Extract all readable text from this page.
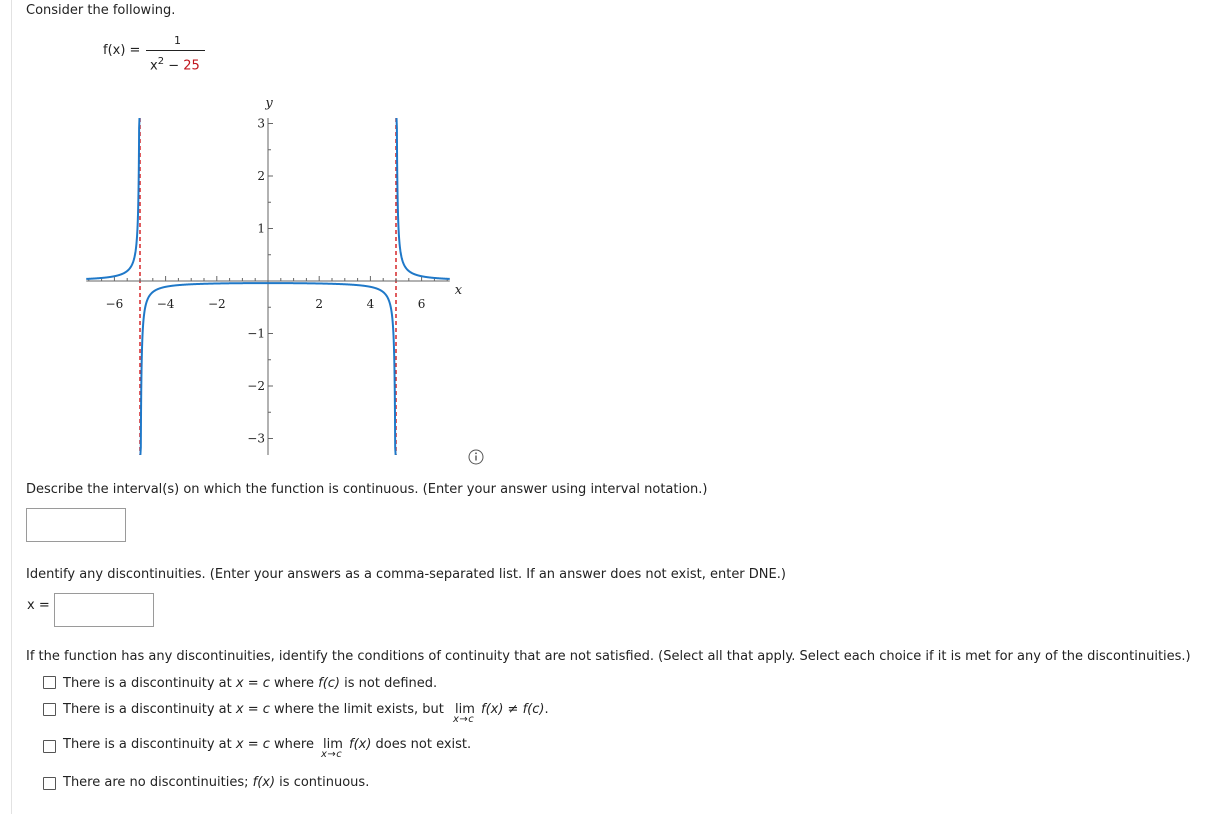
Consider the following.
f(x) =
1
$x^2 - 25$
−6	−4	−2	2	4	6
−3
−2
−1
1
2
3
x
y
Describe the interval(s) on which the function is continuous. (Enter your answer using interval notation.)
Identify any discontinuities. (Enter your answers as a comma-separated list. If an answer does not exist, enter DNE.)
x =
If the function has any discontinuities, identify the conditions of continuity that are not satisfied. (Select all that apply. Select each choice if it is met for any of the discontinuities.)
There is a discontinuity at x = c where f(c) is not defined.
There is a discontinuity at x = c where the limit exists, but lim
x→c
f(x) ≠ f(c).
There is a discontinuity at x = c where lim
x→c
f(x) does not exist.
There are no discontinuities; f(x) is continuous.
